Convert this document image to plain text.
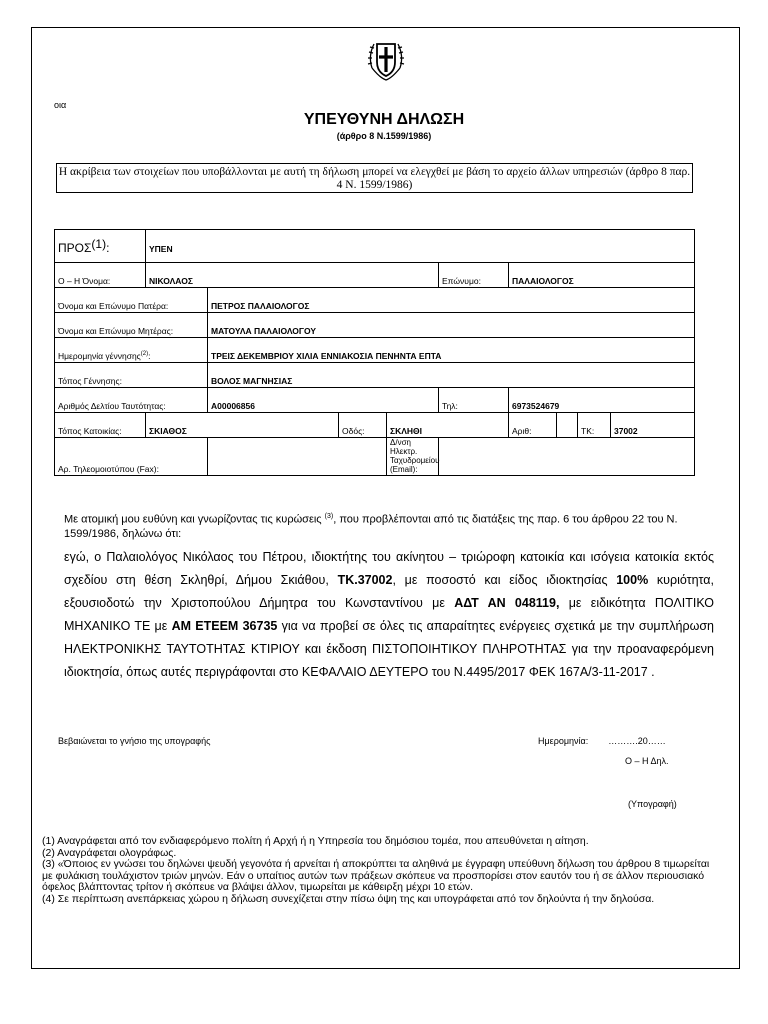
οια
ΥΠΕΥΘΥΝΗ ΔΗΛΩΣΗ
(άρθρο 8 Ν.1599/1986)
Η ακρίβεια των στοιχείων που υποβάλλονται με αυτή τη δήλωση μπορεί να ελεγχθεί με βάση το αρχείο άλλων υπηρεσιών (άρθρο 8 παρ. 4 Ν. 1599/1986)
ΠΡΟΣ$^{(1)}$:	ΥΠΕΝ								
Ο – Η Όνομα:	ΝΙΚΟΛΑΟΣ				Επώνυμο:	ΠΑΛΑΙΟΛΟΓΟΣ			
Όνομα και Επώνυμο Πατέρα:		ΠΕΤΡΟΣ ΠΑΛΑΙΟΛΟΓΟΣ							
Όνομα και Επώνυμο Μητέρας:		ΜΑΤΟΥΛΑ ΠΑΛΑΙΟΛΟΓΟΥ							
Ημερομηνία γέννησης$^{(2)}$:		ΤΡΕΙΣ ΔΕΚΕΜΒΡΙΟΥ ΧΙΛΙΑ ΕΝΝΙΑΚΟΣΙΑ ΠΕΝΗΝΤΑ ΕΠΤΑ							
Τόπος Γέννησης:		ΒΟΛΟΣ ΜΑΓΝΗΣΙΑΣ							
Αριθμός Δελτίου Ταυτότητας:		Α00006856			Τηλ:	6973524679			
Τόπος Κατοικίας:	ΣΚΙΑΘΟΣ		Οδός:	ΣΚΛΗΘΙ		Αριθ:		ΤΚ:	37002
Αρ. Τηλεομοιοτύπου (Fax):				Δ/νση Ηλεκτρ. Ταχυδρομείου (Email):					
Με ατομική μου ευθύνη και γνωρίζοντας τις κυρώσεις $^{(3)}$, που προβλέπονται από τις διατάξεις της παρ. 6 του άρθρου 22 του Ν. 1599/1986, δηλώνω ότι:
εγώ, ο Παλαιολόγος Νικόλαος του Πέτρου, ιδιοκτήτης του ακίνητου – τριώροφη κατοικία και ισόγεια κατοικία εκτός σχεδίου στη θέση Σκληθρί, Δήμου Σκιάθου, ΤΚ.37002, με ποσοστό και είδος ιδιοκτησίας 100% κυριότητα, εξουσιοδοτώ την Χριστοπούλου Δήμητρα του Κωνσταντίνου με ΑΔΤ ΑΝ 048119, με ειδικότητα ΠΟΛΙΤΙΚΟ ΜΗΧΑΝΙΚΟ ΤΕ με ΑΜ ΕΤΕΕΜ 36735 για να προβεί σε όλες τις απαραίτητες ενέργειες σχετικά με την συμπλήρωση ΗΛΕΚΤΡΟΝΙΚΗΣ ΤΑΥΤΟΤΗΤΑΣ ΚΤΙΡΙΟΥ και έκδοση ΠΙΣΤΟΠΟΙΗΤΙΚΟΥ ΠΛΗΡΟΤΗΤΑΣ για την προαναφερόμενη ιδιοκτησία, όπως αυτές περιγράφονται στο ΚΕΦΑΛΑΙΟ ΔΕΥΤΕΡΟ του Ν.4495/2017 ΦΕΚ 167Α/3-11-2017 .
Βεβαιώνεται το γνήσιο της υπογραφής	Ημερομηνία: ……….20……
Ο – Η Δηλ.
(Υπογραφή)
(1) Αναγράφεται από τον ενδιαφερόμενο πολίτη ή Αρχή ή η Υπηρεσία του δημόσιου τομέα, που απευθύνεται η αίτηση.
(2) Αναγράφεται ολογράφως.
(3) «Όποιος εν γνώσει του δηλώνει ψευδή γεγονότα ή αρνείται ή αποκρύπτει τα αληθινά με έγγραφη υπεύθυνη δήλωση του άρθρου 8 τιμωρείται με φυλάκιση τουλάχιστον τριών μηνών. Εάν ο υπαίτιος αυτών των πράξεων σκόπευε να προσπορίσει στον εαυτόν του ή σε άλλον περιουσιακό όφελος βλάπτοντας τρίτον ή σκόπευε να βλάψει άλλον, τιμωρείται με κάθειρξη μέχρι 10 ετών.
(4) Σε περίπτωση ανεπάρκειας χώρου η δήλωση συνεχίζεται στην πίσω όψη της και υπογράφεται από τον δηλούντα ή την δηλούσα.
